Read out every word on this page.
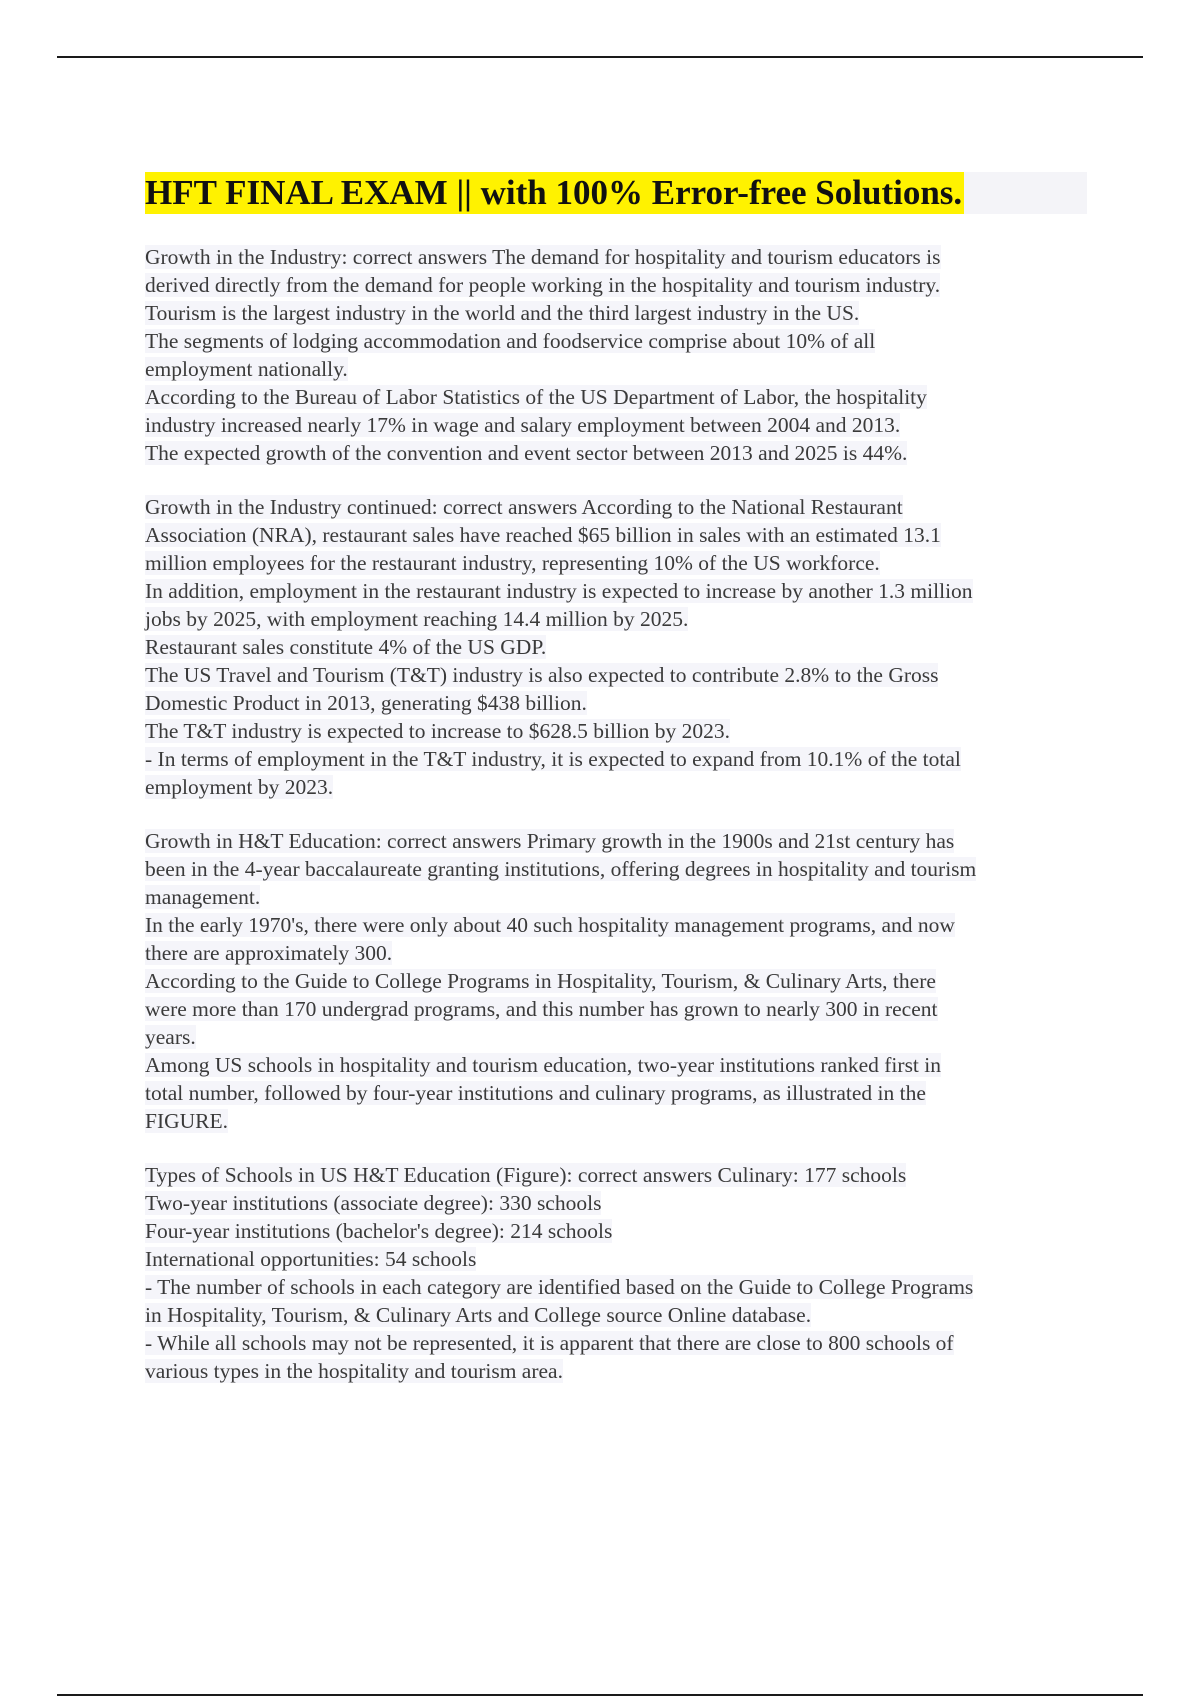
HFT FINAL EXAM || with 100% Error-free Solutions.
Growth in the Industry: correct answers The demand for hospitality and tourism educators is
derived directly from the demand for people working in the hospitality and tourism industry.
Tourism is the largest industry in the world and the third largest industry in the US.
The segments of lodging accommodation and foodservice comprise about 10% of all
employment nationally.
According to the Bureau of Labor Statistics of the US Department of Labor, the hospitality
industry increased nearly 17% in wage and salary employment between 2004 and 2013.
The expected growth of the convention and event sector between 2013 and 2025 is 44%.
Growth in the Industry continued: correct answers According to the National Restaurant
Association (NRA), restaurant sales have reached $65 billion in sales with an estimated 13.1
million employees for the restaurant industry, representing 10% of the US workforce.
In addition, employment in the restaurant industry is expected to increase by another 1.3 million
jobs by 2025, with employment reaching 14.4 million by 2025.
Restaurant sales constitute 4% of the US GDP.
The US Travel and Tourism (T&T) industry is also expected to contribute 2.8% to the Gross
Domestic Product in 2013, generating $438 billion.
The T&T industry is expected to increase to $628.5 billion by 2023.
- In terms of employment in the T&T industry, it is expected to expand from 10.1% of the total
employment by 2023.
Growth in H&T Education: correct answers Primary growth in the 1900s and 21st century has
been in the 4-year baccalaureate granting institutions, offering degrees in hospitality and tourism
management.
In the early 1970's, there were only about 40 such hospitality management programs, and now
there are approximately 300.
According to the Guide to College Programs in Hospitality, Tourism, & Culinary Arts, there
were more than 170 undergrad programs, and this number has grown to nearly 300 in recent
years.
Among US schools in hospitality and tourism education, two-year institutions ranked first in
total number, followed by four-year institutions and culinary programs, as illustrated in the
FIGURE.
Types of Schools in US H&T Education (Figure): correct answers Culinary: 177 schools
Two-year institutions (associate degree): 330 schools
Four-year institutions (bachelor's degree): 214 schools
International opportunities: 54 schools
- The number of schools in each category are identified based on the Guide to College Programs
in Hospitality, Tourism, & Culinary Arts and College source Online database.
- While all schools may not be represented, it is apparent that there are close to 800 schools of
various types in the hospitality and tourism area.
